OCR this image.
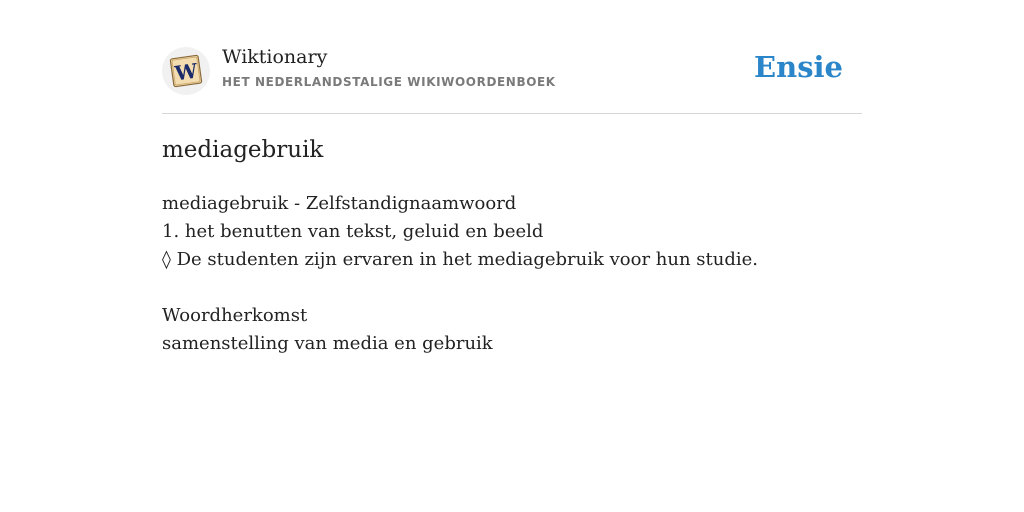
W
Wiktionary
HET NEDERLANDSTALIGE WIKIWOORDENBOEK	Ensie
mediagebruik
mediagebruik - Zelfstandignaamwoord
1. het benutten van tekst, geluid en beeld
◊ De studenten zijn ervaren in het mediagebruik voor hun studie.
Woordherkomst
samenstelling van media en gebruik
